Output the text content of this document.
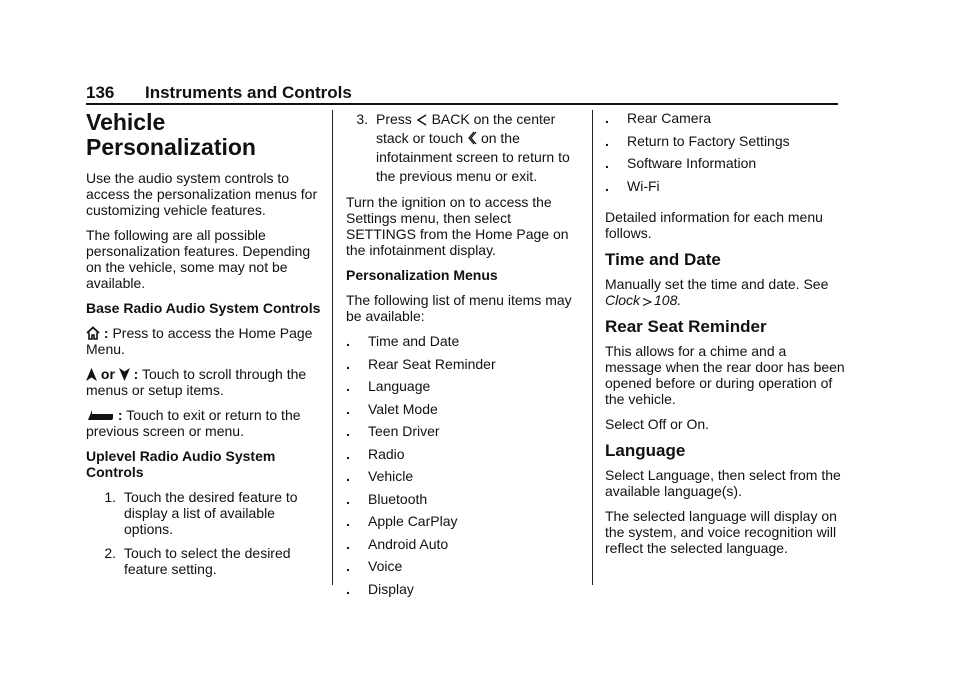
136 Instruments and Controls
Vehicle
Personalization

Use the audio system controls to access the personalization menus for customizing vehicle features.

The following are all possible personalization features. Depending on the vehicle, some may not be available.

Base Radio Audio System Controls

: Press to access the Home Page Menu.

or : Touch to scroll through the menus or setup items.

: Touch to exit or return to the previous screen or menu.

Uplevel Radio Audio System Controls

1. Touch the desired feature to display a list of available options.
2. Touch to select the desired feature setting.
3. Press BACK on the center stack or touch on the infotainment screen to return to the previous menu or exit.

Turn the ignition on to access the Settings menu, then select SETTINGS from the Home Page on the infotainment display.

Personalization Menus

The following list of menu items may be available:

.	Time and Date
.	Rear Seat Reminder
.	Language
.	Valet Mode
.	Teen Driver
.	Radio
.	Vehicle
.	Bluetooth
.	Apple CarPlay
.	Android Auto
.	Voice
.	Display
.	Rear Camera
.	Return to Factory Settings
.	Software Information
.	Wi-Fi

Detailed information for each menu follows.

Time and Date

Manually set the time and date. See Clock 108.

Rear Seat Reminder

This allows for a chime and a message when the rear door has been opened before or during operation of the vehicle.

Select Off or On.

Language

Select Language, then select from the available language(s).

The selected language will display on the system, and voice recognition will reflect the selected language.
